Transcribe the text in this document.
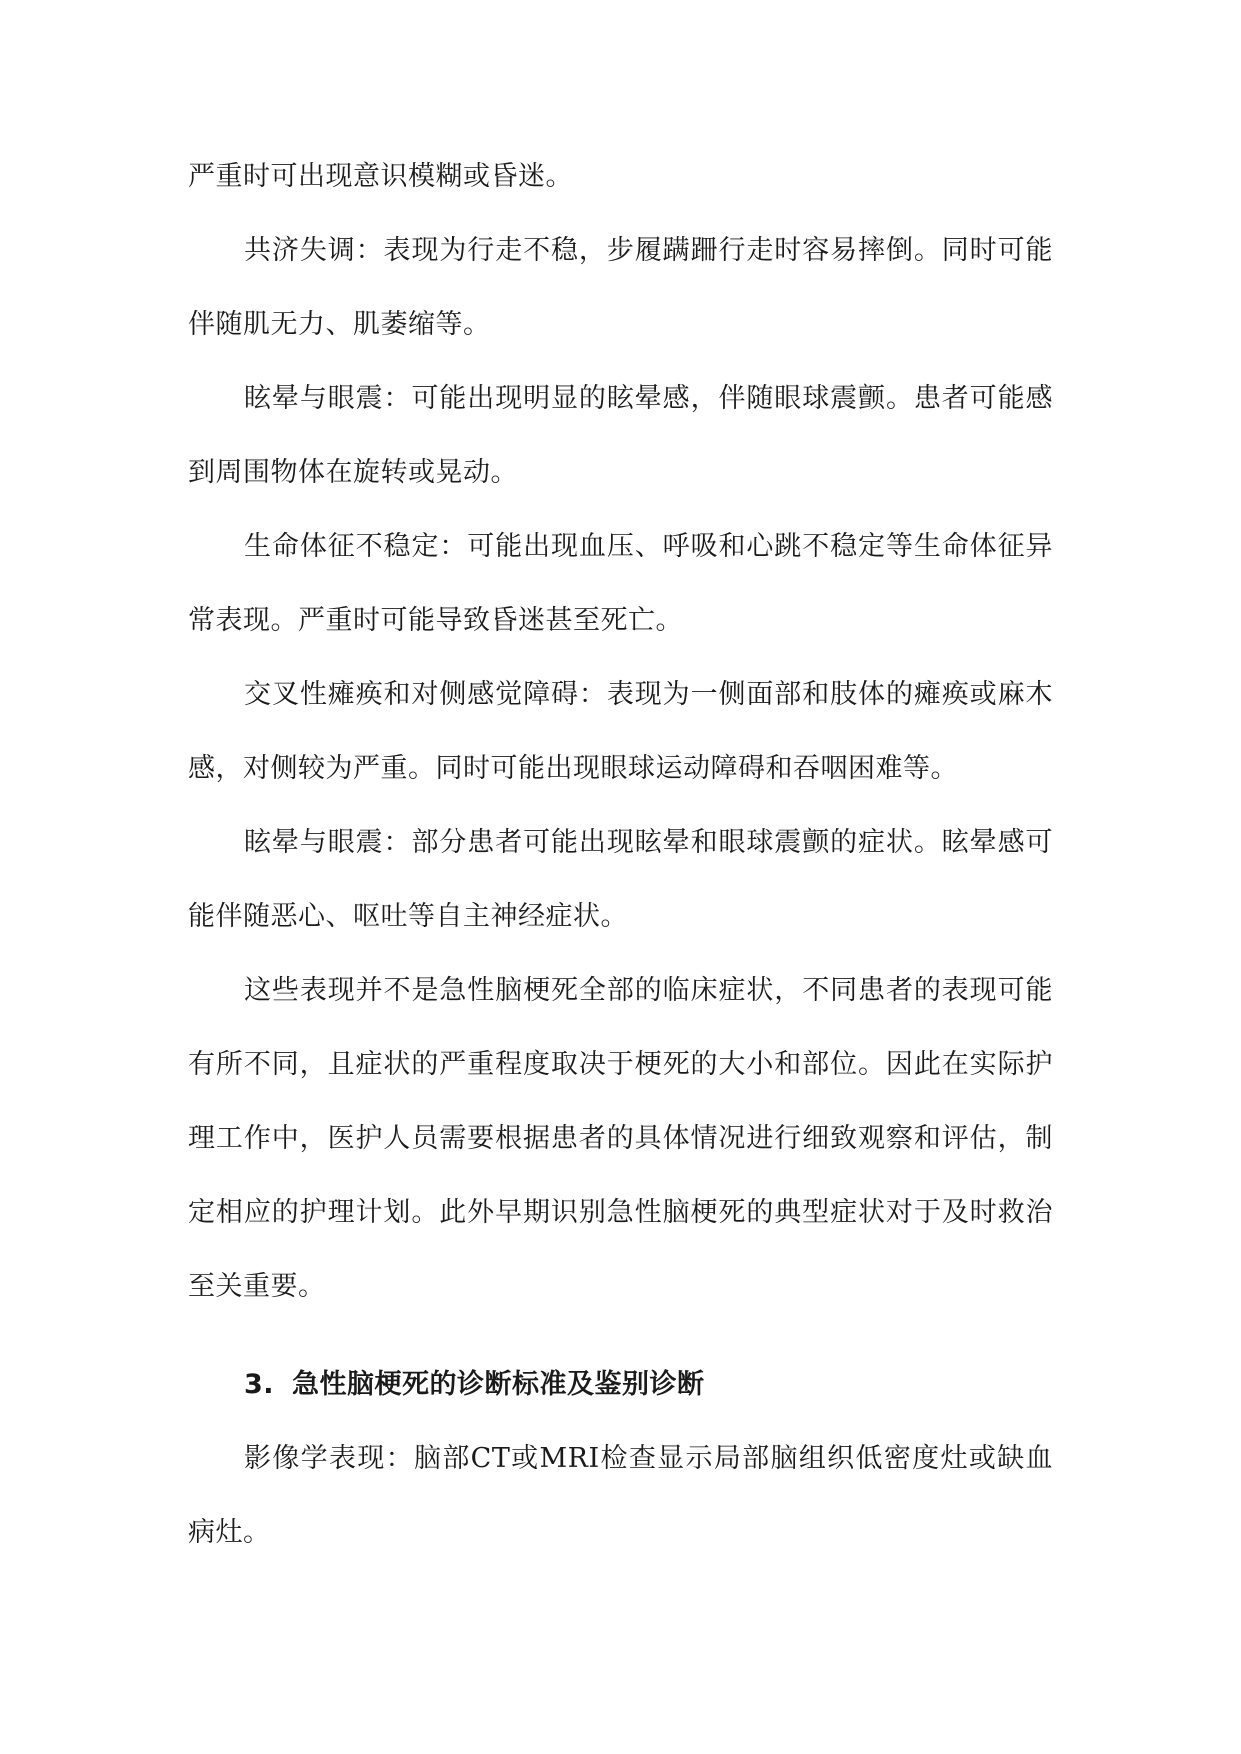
严重时可出现意识模糊或昏迷。

共济失调：表现为行走不稳，步履蹒跚行走时容易摔倒。同时可能伴随肌无力、肌萎缩等。

眩晕与眼震：可能出现明显的眩晕感，伴随眼球震颤。患者可能感到周围物体在旋转或晃动。

生命体征不稳定：可能出现血压、呼吸和心跳不稳定等生命体征异常表现。严重时可能导致昏迷甚至死亡。

交叉性瘫痪和对侧感觉障碍：表现为一侧面部和肢体的瘫痪或麻木感，对侧较为严重。同时可能出现眼球运动障碍和吞咽困难等。

眩晕与眼震：部分患者可能出现眩晕和眼球震颤的症状。眩晕感可能伴随恶心、呕吐等自主神经症状。

这些表现并不是急性脑梗死全部的临床症状，不同患者的表现可能有所不同，且症状的严重程度取决于梗死的大小和部位。因此在实际护理工作中，医护人员需要根据患者的具体情况进行细致观察和评估，制定相应的护理计划。此外早期识别急性脑梗死的典型症状对于及时救治至关重要。

3. 急性脑梗死的诊断标准及鉴别诊断

影像学表现：脑部CT或MRI检查显示局部脑组织低密度灶或缺血病灶。
